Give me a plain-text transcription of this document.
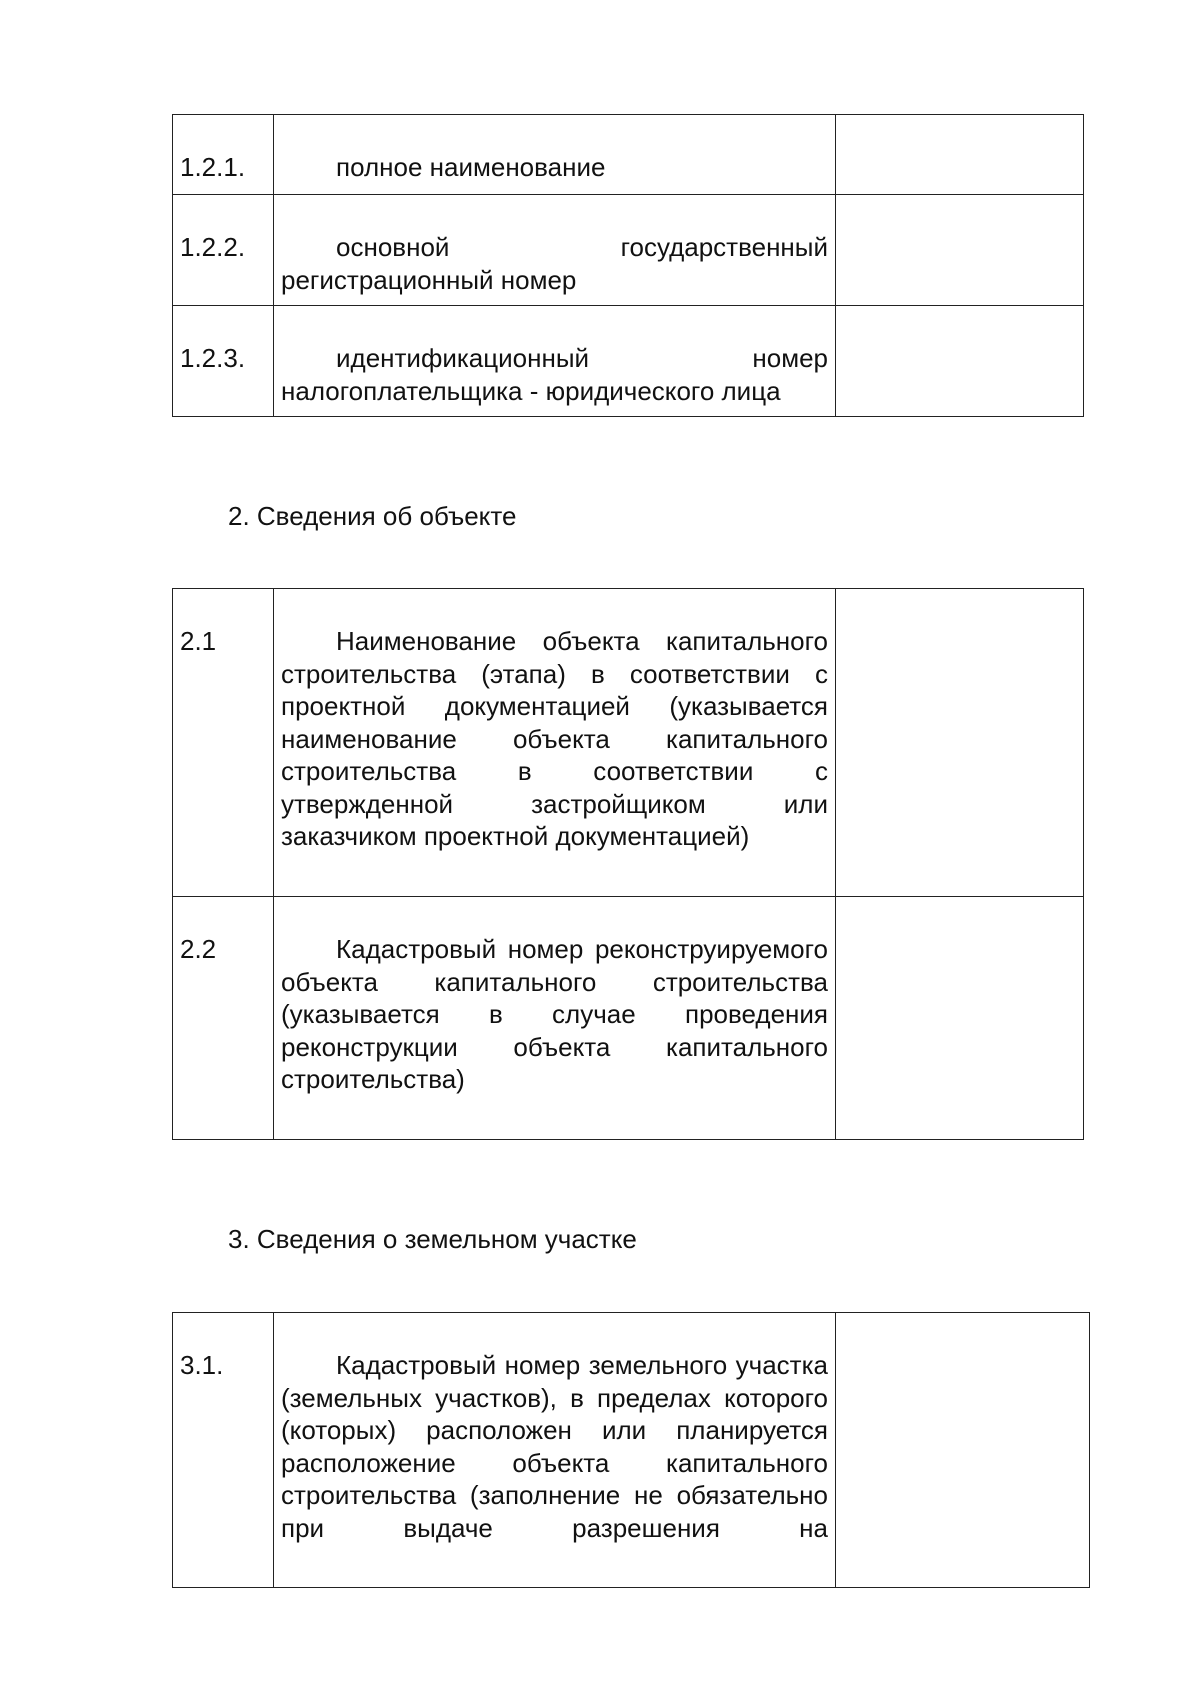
1.2.1.	полное наименование	

1.2.2.	основной государственный регистрационный номер	

1.2.3.	идентификационный номер налогоплательщика - юридического лица	

2. Сведения об объекте
2.1	Наименование объекта капитального строительства (этапа) в соответствии с проектной документацией (указывается наименование объекта капитального строительства в соответствии с утвержденной застройщиком или заказчиком проектной документацией)	

2.2	Кадастровый номер реконструируемого объекта капитального строительства (указывается в случае проведения реконструкции объекта капитального строительства)	

3. Сведения о земельном участке
3.1.	Кадастровый номер земельного участка (земельных участков), в пределах которого (которых) расположен или планируется расположение объекта капитального строительства (заполнение не обязательно при выдаче разрешения на
